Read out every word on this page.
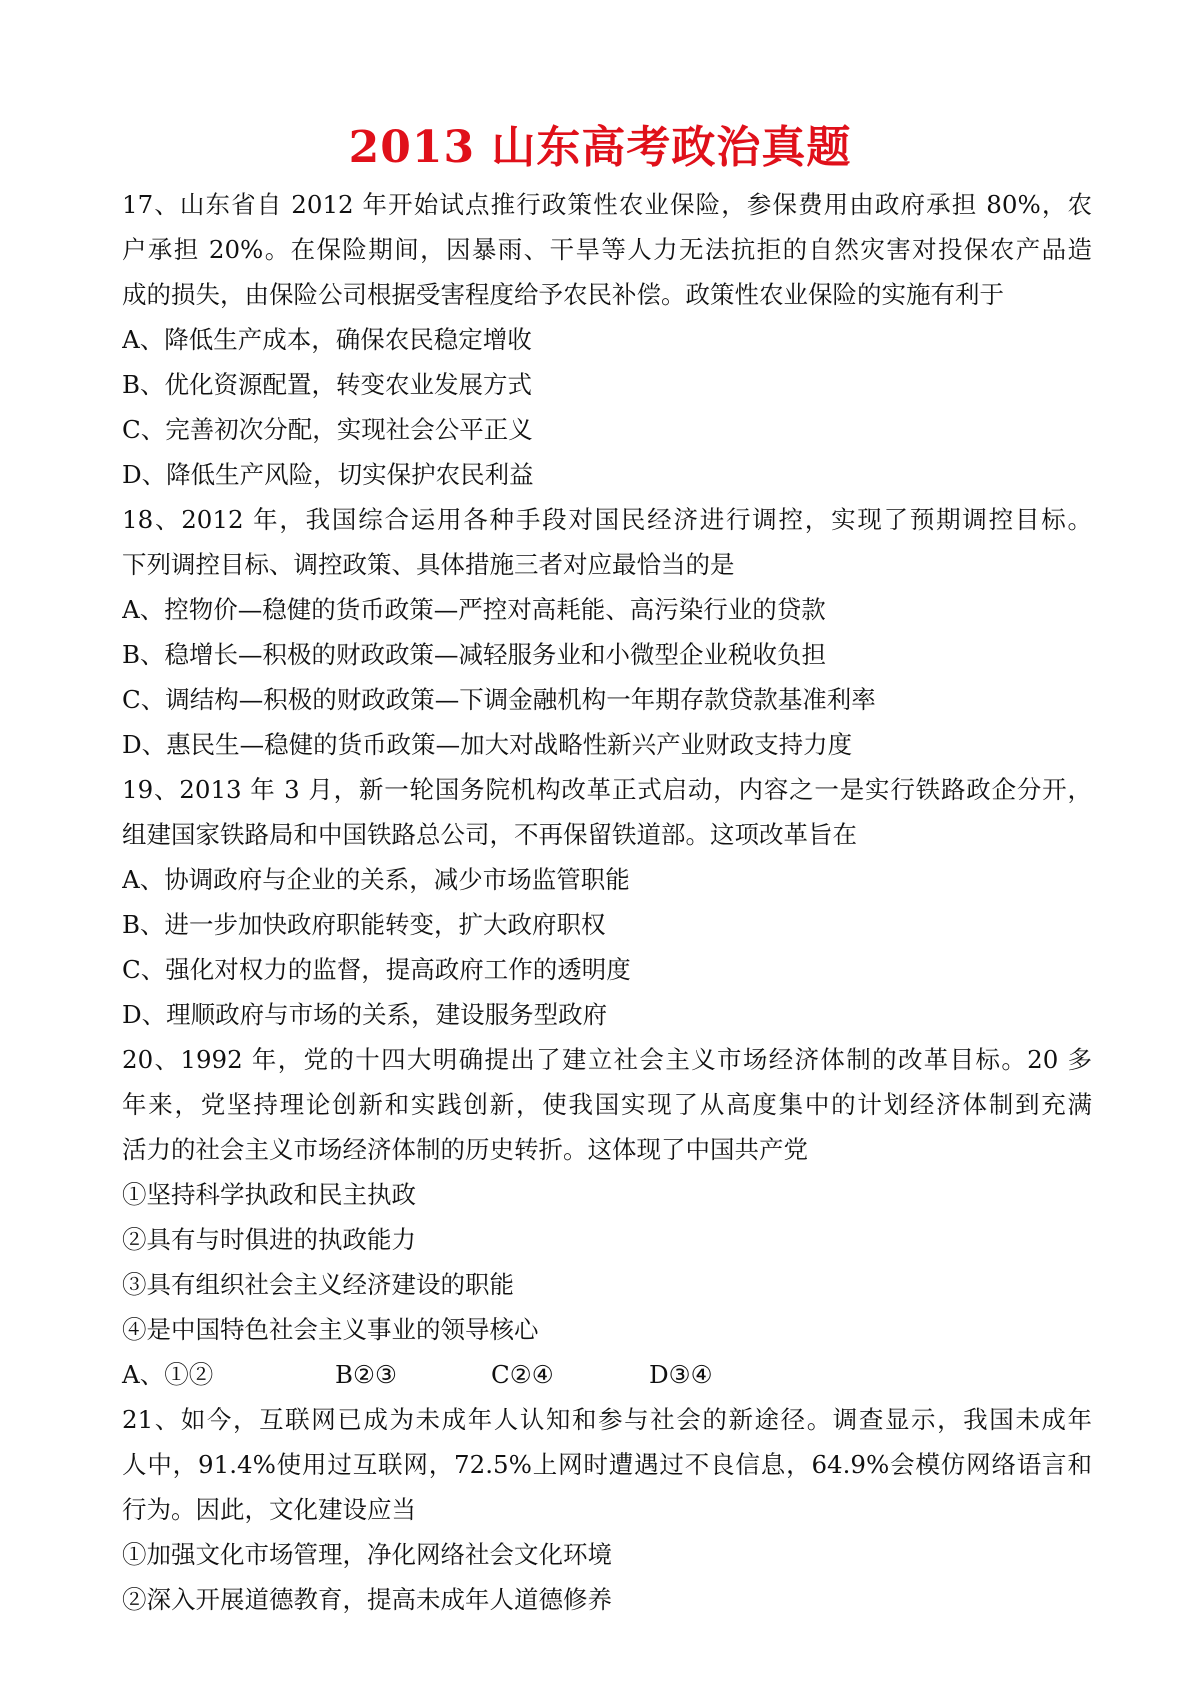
2013 山东高考政治真题
17、山东省自 2012 年开始试点推行政策性农业保险，参保费用由政府承担 80%，农
户承担 20%。在保险期间，因暴雨、干旱等人力无法抗拒的自然灾害对投保农产品造
成的损失，由保险公司根据受害程度给予农民补偿。政策性农业保险的实施有利于
A、降低生产成本，确保农民稳定增收
B、优化资源配置，转变农业发展方式
C、完善初次分配，实现社会公平正义
D、降低生产风险，切实保护农民利益
18、2012 年，我国综合运用各种手段对国民经济进行调控，实现了预期调控目标。
下列调控目标、调控政策、具体措施三者对应最恰当的是
A、控物价—稳健的货币政策—严控对高耗能、高污染行业的贷款
B、稳增长—积极的财政政策—减轻服务业和小微型企业税收负担
C、调结构—积极的财政政策—下调金融机构一年期存款贷款基准利率
D、惠民生—稳健的货币政策—加大对战略性新兴产业财政支持力度
19、2013 年 3 月，新一轮国务院机构改革正式启动，内容之一是实行铁路政企分开，
组建国家铁路局和中国铁路总公司，不再保留铁道部。这项改革旨在
A、协调政府与企业的关系，减少市场监管职能
B、进一步加快政府职能转变，扩大政府职权
C、强化对权力的监督，提高政府工作的透明度
D、理顺政府与市场的关系，建设服务型政府
20、1992 年，党的十四大明确提出了建立社会主义市场经济体制的改革目标。20 多
年来，党坚持理论创新和实践创新，使我国实现了从高度集中的计划经济体制到充满
活力的社会主义市场经济体制的历史转折。这体现了中国共产党
①坚持科学执政和民主执政
②具有与时俱进的执政能力
③具有组织社会主义经济建设的职能
④是中国特色社会主义事业的领导核心
A、①②	B②③	C②④	D③④
21、如今，互联网已成为未成年人认知和参与社会的新途径。调查显示，我国未成年
人中，91.4%使用过互联网，72.5%上网时遭遇过不良信息，64.9%会模仿网络语言和
行为。因此，文化建设应当
①加强文化市场管理，净化网络社会文化环境
②深入开展道德教育，提高未成年人道德修养
